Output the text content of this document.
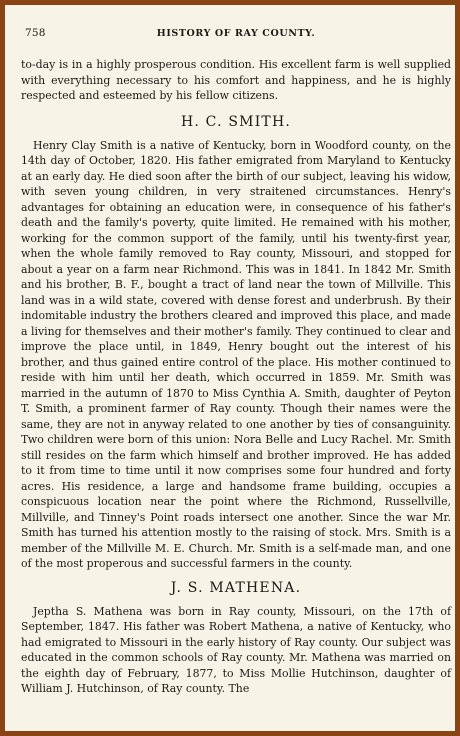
758	HISTORY OF RAY COUNTY.

to-day is in a highly prosperous condition. His excellent farm is well supplied with everything necessary to his comfort and happiness, and he is highly respected and esteemed by his fellow citizens.

H. C. SMITH.

Henry Clay Smith is a native of Kentucky, born in Woodford county, on the 14th day of October, 1820. His father emigrated from Maryland to Kentucky at an early day. He died soon after the birth of our subject, leaving his widow, with seven young children, in very straitened circumstances. Henry's advantages for obtaining an education were, in consequence of his father's death and the family's poverty, quite limited. He remained with his mother, working for the common support of the family, until his twenty-first year, when the whole family removed to Ray county, Missouri, and stopped for about a year on a farm near Richmond. This was in 1841. In 1842 Mr. Smith and his brother, B. F., bought a tract of land near the town of Millville. This land was in a wild state, covered with dense forest and underbrush. By their indomitable industry the brothers cleared and improved this place, and made a living for themselves and their mother's family. They continued to clear and improve the place until, in 1849, Henry bought out the interest of his brother, and thus gained entire control of the place. His mother continued to reside with him until her death, which occurred in 1859. Mr. Smith was married in the autumn of 1870 to Miss Cynthia A. Smith, daughter of Peyton T. Smith, a prominent farmer of Ray county. Though their names were the same, they are not in anyway related to one another by ties of consanguinity. Two children were born of this union: Nora Belle and Lucy Rachel. Mr. Smith still resides on the farm which himself and brother improved. He has added to it from time to time until it now comprises some four hundred and forty acres. His residence, a large and handsome frame building, occupies a conspicuous location near the point where the Richmond, Russellville, Millville, and Tinney's Point roads intersect one another. Since the war Mr. Smith has turned his attention mostly to the raising of stock. Mrs. Smith is a member of the Millville M. E. Church. Mr. Smith is a self-made man, and one of the most properous and successful farmers in the county.

J. S. MATHENA.

Jeptha S. Mathena was born in Ray county, Missouri, on the 17th of September, 1847. His father was Robert Mathena, a native of Kentucky, who had emigrated to Missouri in the early history of Ray county. Our subject was educated in the common schools of Ray county. Mr. Mathena was married on the eighth day of February, 1877, to Miss Mollie Hutchinson, daughter of William J. Hutchinson, of Ray county. The
